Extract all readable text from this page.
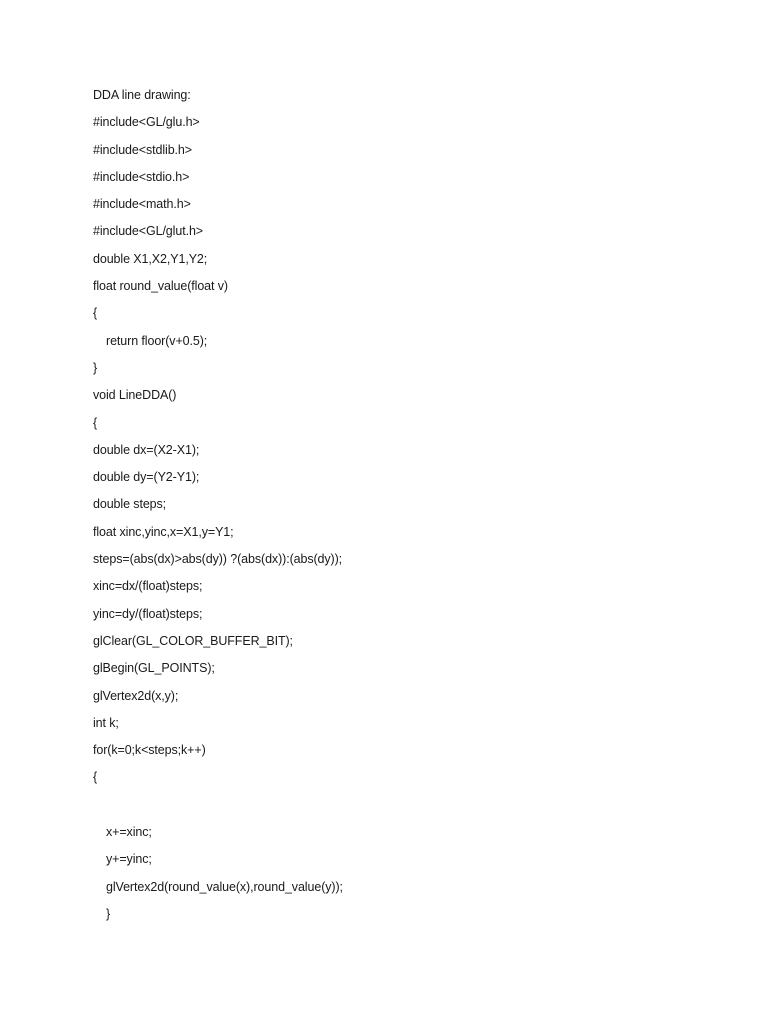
DDA line drawing:
#include<GL/glu.h>
#include<stdlib.h>
#include<stdio.h>
#include<math.h>
#include<GL/glut.h>
double X1,X2,Y1,Y2;
float round_value(float v)
{
return floor(v+0.5);
}
void LineDDA()
{
double dx=(X2-X1);
double dy=(Y2-Y1);
double steps;
float xinc,yinc,x=X1,y=Y1;
steps=(abs(dx)>abs(dy)) ?(abs(dx)):(abs(dy));
xinc=dx/(float)steps;
yinc=dy/(float)steps;
glClear(GL_COLOR_BUFFER_BIT);
glBegin(GL_POINTS);
glVertex2d(x,y);
int k;
for(k=0;k<steps;k++)
{
x+=xinc;
y+=yinc;
glVertex2d(round_value(x),round_value(y));
}
